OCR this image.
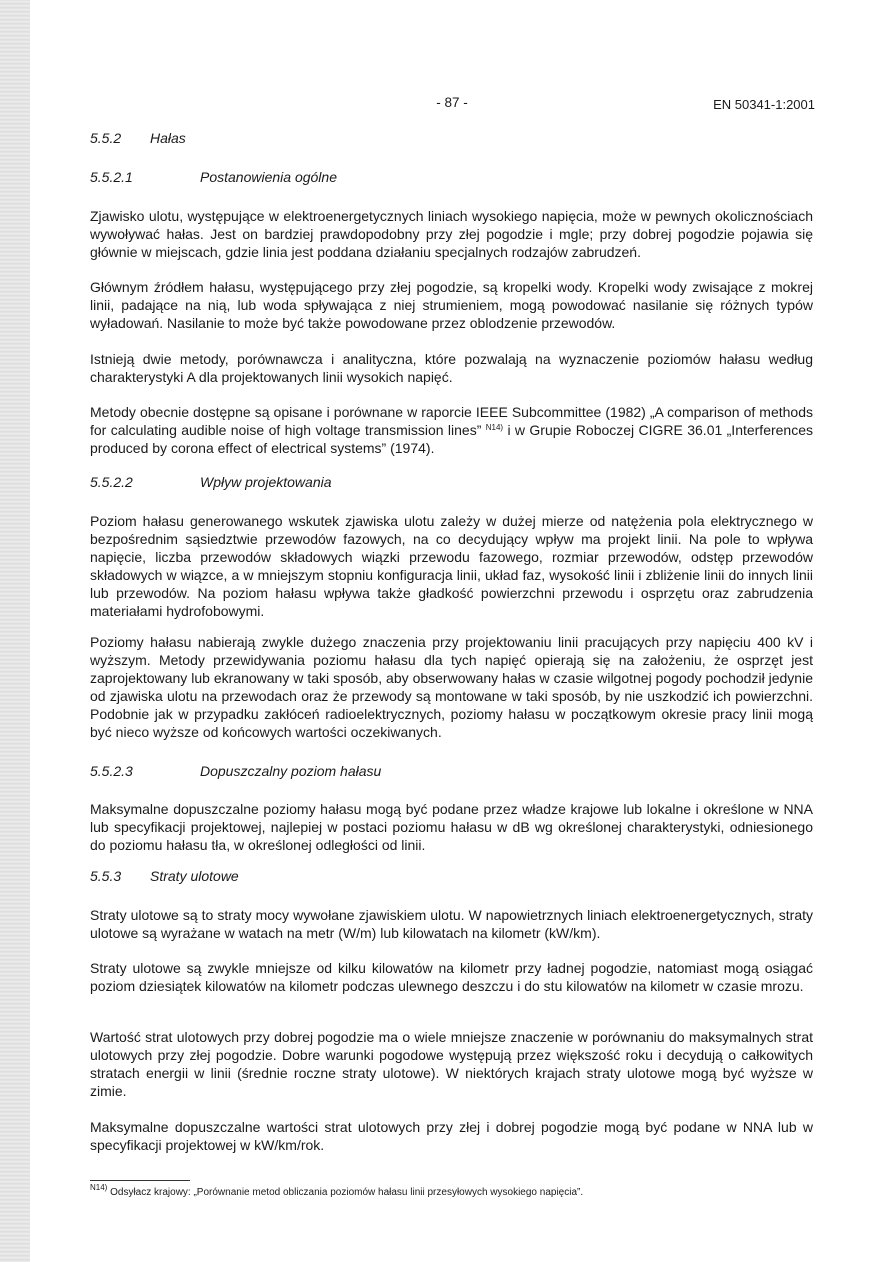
- 87 -	EN 50341-1:2001
5.5.2 Hałas
5.5.2.1	Postanowienia ogólne
Zjawisko ulotu, występujące w elektroenergetycznych liniach wysokiego napięcia, może w pewnych okolicznościach wywoływać hałas. Jest on bardziej prawdopodobny przy złej pogodzie i mgle; przy dobrej pogodzie pojawia się głównie w miejscach, gdzie linia jest poddana działaniu specjalnych rodzajów zabrudzeń.
Głównym źródłem hałasu, występującego przy złej pogodzie, są kropelki wody. Kropelki wody zwisające z mokrej linii, padające na nią, lub woda spływająca z niej strumieniem, mogą powodować nasilanie się różnych typów wyładowań. Nasilanie to może być także powodowane przez oblodzenie przewodów.
Istnieją dwie metody, porównawcza i analityczna, które pozwalają na wyznaczenie poziomów hałasu według charakterystyki A dla projektowanych linii wysokich napięć.
Metody obecnie dostępne są opisane i porównane w raporcie IEEE Subcommittee (1982) „A comparison of methods for calculating audible noise of high voltage transmission lines” $^{N14)}$ i w Grupie Roboczej CIGRE 36.01 „Interferences produced by corona effect of electrical systems” (1974).
5.5.2.2	Wpływ projektowania
Poziom hałasu generowanego wskutek zjawiska ulotu zależy w dużej mierze od natężenia pola elektrycznego w bezpośrednim sąsiedztwie przewodów fazowych, na co decydujący wpływ ma projekt linii. Na pole to wpływa napięcie, liczba przewodów składowych wiązki przewodu fazowego, rozmiar przewodów, odstęp przewodów składowych w wiązce, a w mniejszym stopniu konfiguracja linii, układ faz, wysokość linii i zbliżenie linii do innych linii lub przewodów. Na poziom hałasu wpływa także gładkość powierzchni przewodu i osprzętu oraz zabrudzenia materiałami hydrofobowymi.
Poziomy hałasu nabierają zwykle dużego znaczenia przy projektowaniu linii pracujących przy napięciu 400 kV i wyższym. Metody przewidywania poziomu hałasu dla tych napięć opierają się na założeniu, że osprzęt jest zaprojektowany lub ekranowany w taki sposób, aby obserwowany hałas w czasie wilgotnej pogody pochodził jedynie od zjawiska ulotu na przewodach oraz że przewody są montowane w taki sposób, by nie uszkodzić ich powierzchni. Podobnie jak w przypadku zakłóceń radioelektrycznych, poziomy hałasu w początkowym okresie pracy linii mogą być nieco wyższe od końcowych wartości oczekiwanych.
5.5.2.3	Dopuszczalny poziom hałasu
Maksymalne dopuszczalne poziomy hałasu mogą być podane przez władze krajowe lub lokalne i określone w NNA lub specyfikacji projektowej, najlepiej w postaci poziomu hałasu w dB wg określonej charakterystyki, odniesionego do poziomu hałasu tła, w określonej odległości od linii.
5.5.3 Straty ulotowe
Straty ulotowe są to straty mocy wywołane zjawiskiem ulotu. W napowietrznych liniach elektroenergetycznych, straty ulotowe są wyrażane w watach na metr (W/m) lub kilowatach na kilometr (kW/km).
Straty ulotowe są zwykle mniejsze od kilku kilowatów na kilometr przy ładnej pogodzie, natomiast mogą osiągać poziom dziesiątek kilowatów na kilometr podczas ulewnego deszczu i do stu kilowatów na kilometr w czasie mrozu.
Wartość strat ulotowych przy dobrej pogodzie ma o wiele mniejsze znaczenie w porównaniu do maksymalnych strat ulotowych przy złej pogodzie. Dobre warunki pogodowe występują przez większość roku i decydują o całkowitych stratach energii w linii (średnie roczne straty ulotowe). W niektórych krajach straty ulotowe mogą być wyższe w zimie.
Maksymalne dopuszczalne wartości strat ulotowych przy złej i dobrej pogodzie mogą być podane w NNA lub w specyfikacji projektowej w kW/km/rok.
$^{N14)}$ Odsyłacz krajowy: „Porównanie metod obliczania poziomów hałasu linii przesyłowych wysokiego napięcia”.
